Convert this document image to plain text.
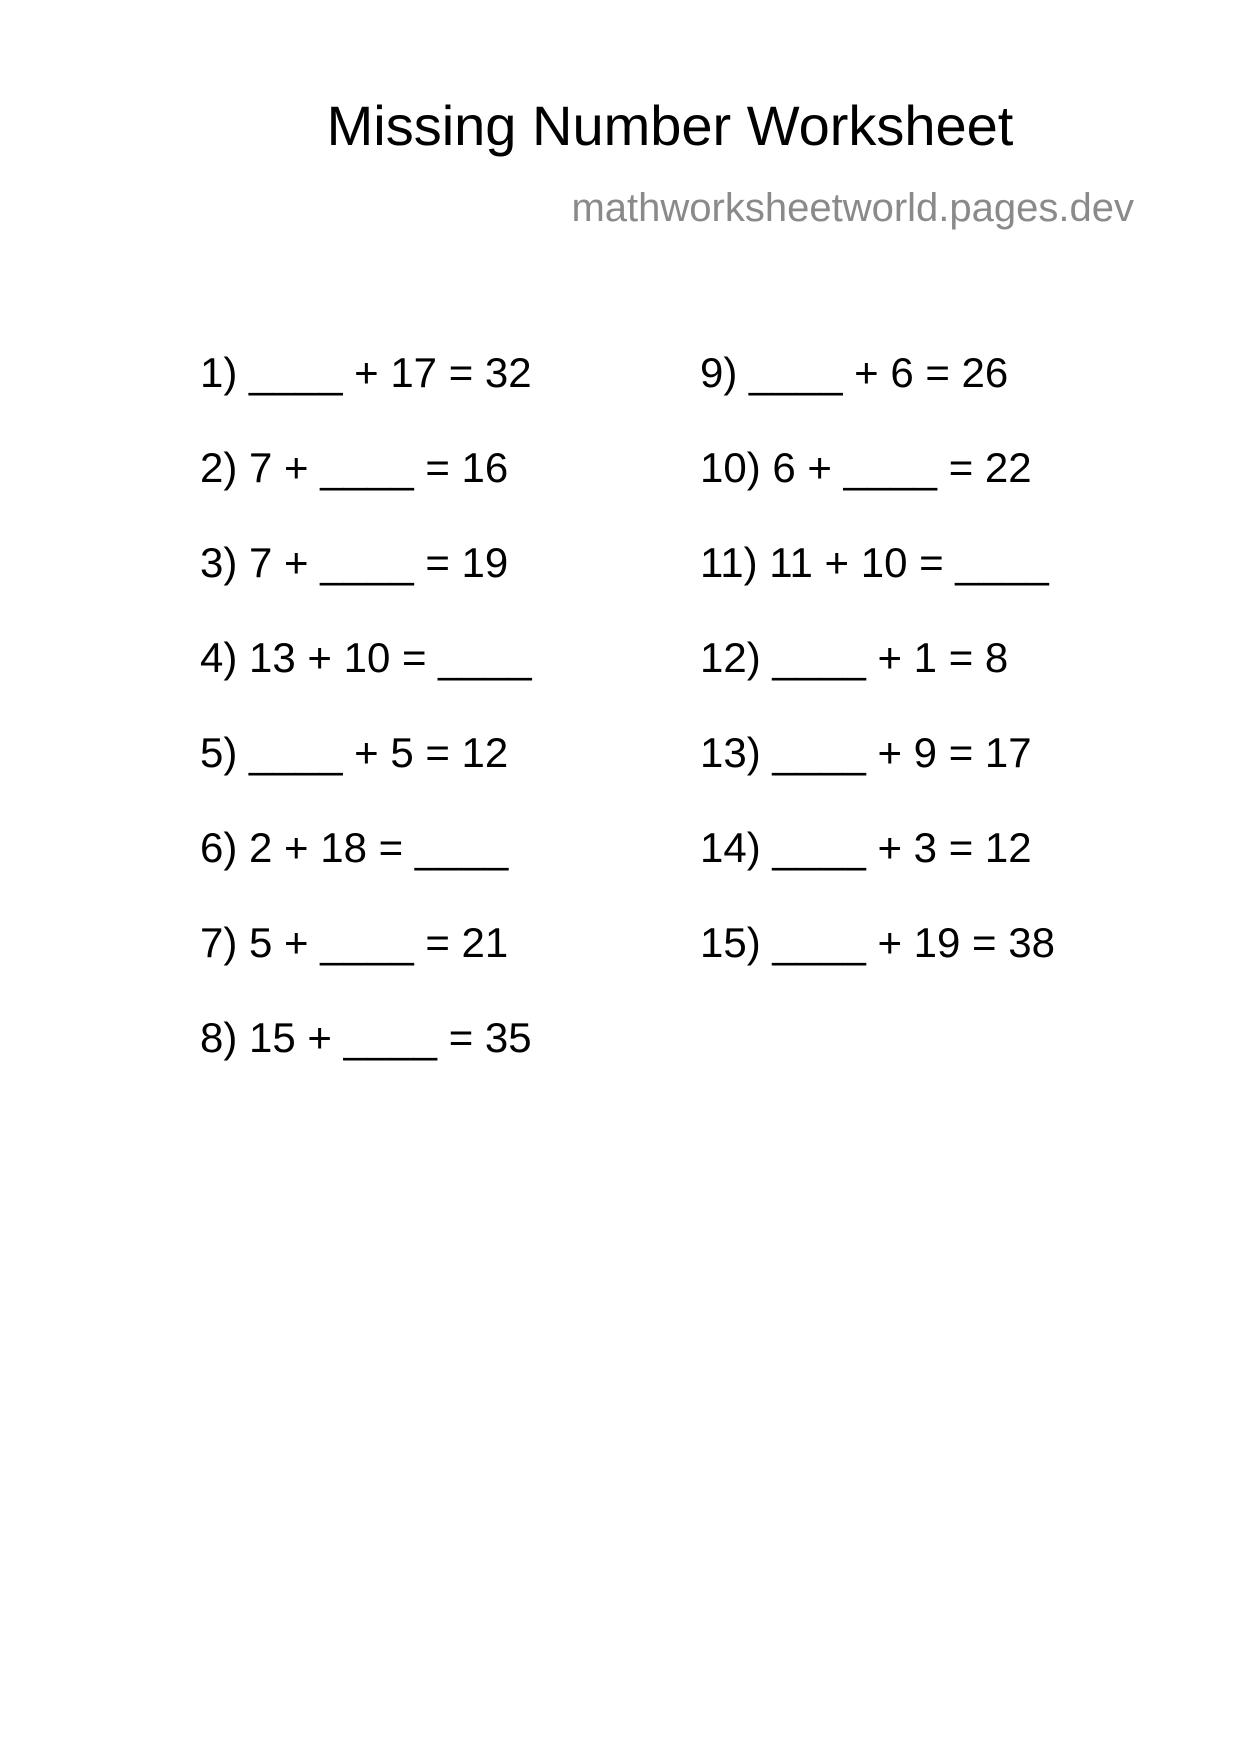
Missing Number Worksheet
mathworksheetworld.pages.dev
1) ____ + 17 = 32
2) 7 + ____ = 16
3) 7 + ____ = 19
4) 13 + 10 = ____
5) ____ + 5 = 12
6) 2 + 18 = ____
7) 5 + ____ = 21
8) 15 + ____ = 35
9) ____ + 6 = 26
10) 6 + ____ = 22
11) 11 + 10 = ____
12) ____ + 1 = 8
13) ____ + 9 = 17
14) ____ + 3 = 12
15) ____ + 19 = 38
